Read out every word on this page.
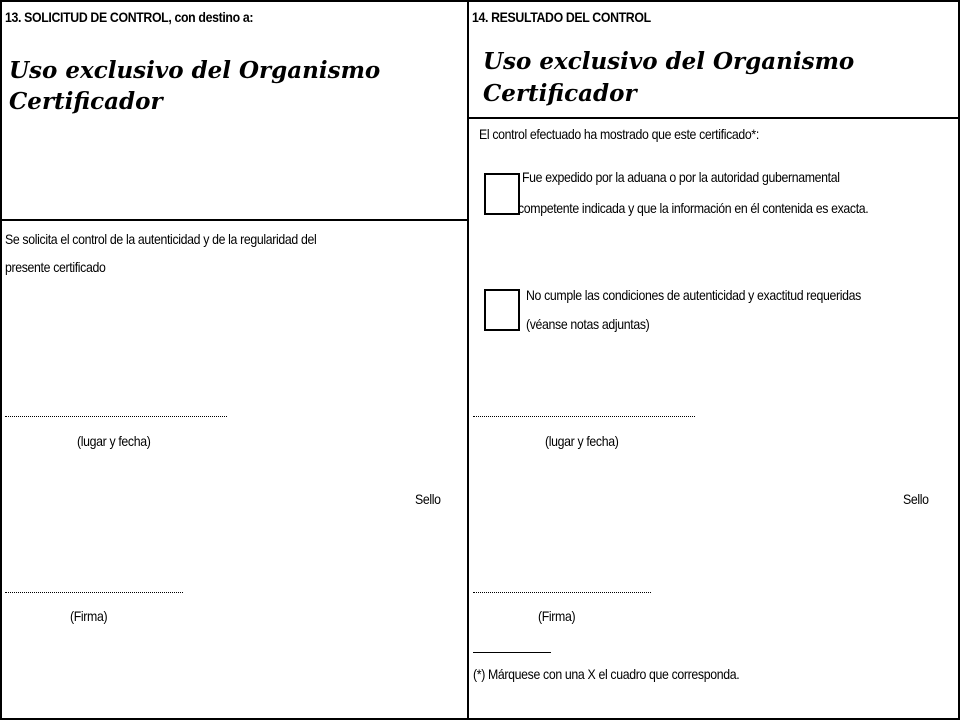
13. SOLICITUD DE CONTROL, con destino a:
Uso exclusivo del Organismo
Certificador
Se solicita el control de la autenticidad y de la regularidad del
presente certificado
(lugar y fecha)
Sello
(Firma)
14. RESULTADO DEL CONTROL
Uso exclusivo del Organismo
Certificador
El control efectuado ha mostrado que este certificado*:
Fue expedido por la aduana o por la autoridad gubernamental
competente indicada y que la información en él contenida es exacta.
No cumple las condiciones de autenticidad y exactitud requeridas
(véanse notas adjuntas)
(lugar y fecha)
Sello
(Firma)
(*) Márquese con una X el cuadro que corresponda.
